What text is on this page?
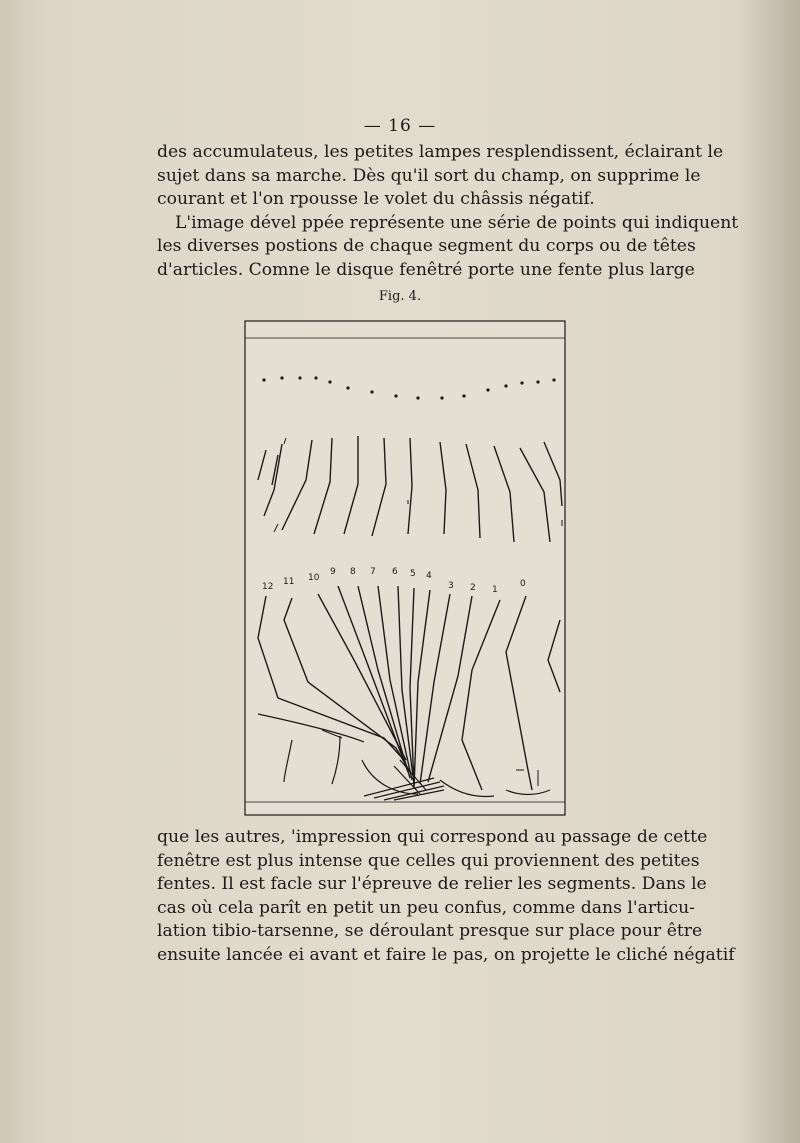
— 16 —
des accumulateus, les petites lampes resplendissent, éclairant le
sujet dans sa marche. Dès qu'il sort du champ, on supprime le
courant et l'on rpousse le volet du châssis négatif.
L'image dével ppée représente une série de points qui indiquent
les diverses postions de chaque segment du corps ou de têtes
d'articles. Comne le disque fenêtré porte une fente plus large
Fig. 4.
12 11 10
9 8 7 6 5 4
3 2 1
0
que les autres, 'impression qui correspond au passage de cette
fenêtre est plus intense que celles qui proviennent des petites
fentes. Il est facle sur l'épreuve de relier les segments. Dans le
cas où cela parît en petit un peu confus, comme dans l'articu-
lation tibio-tarsenne, se déroulant presque sur place pour être
ensuite lancée ei avant et faire le pas, on projette le cliché négatif
